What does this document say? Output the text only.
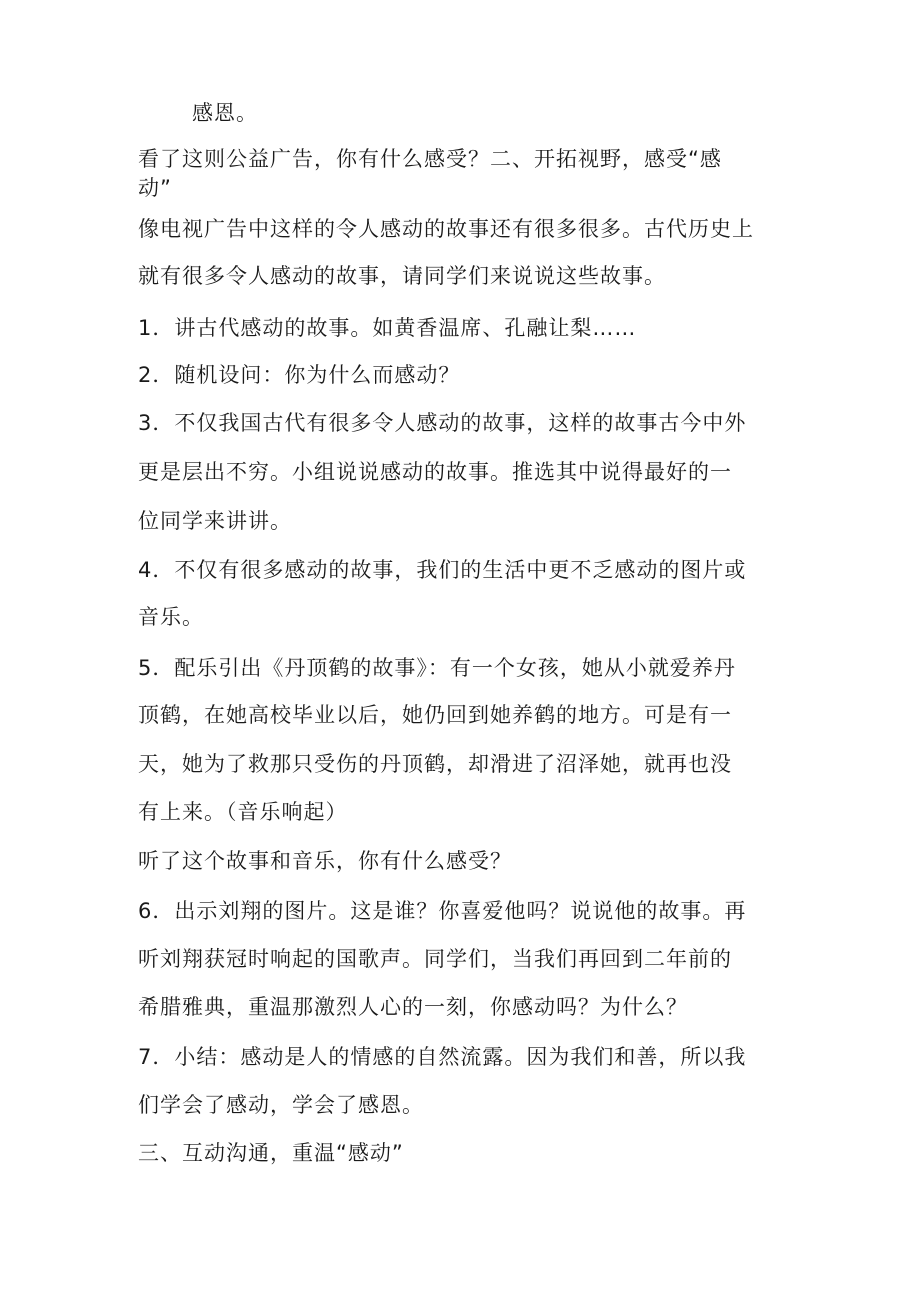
感恩。
看了这则公益广告，你有什么感受？二、开拓视野，感受“感
动”
像电视广告中这样的令人感动的故事还有很多很多。古代历史上
就有很多令人感动的故事，请同学们来说说这些故事。
1．讲古代感动的故事。如黄香温席、孔融让梨……
2．随机设问：你为什么而感动？
3．不仅我国古代有很多令人感动的故事，这样的故事古今中外
更是层出不穷。小组说说感动的故事。推选其中说得最好的一
位同学来讲讲。
4．不仅有很多感动的故事，我们的生活中更不乏感动的图片或
音乐。
5．配乐引出《丹顶鹤的故事》：有一个女孩，她从小就爱养丹
顶鹤，在她高校毕业以后，她仍回到她养鹤的地方。可是有一
天，她为了救那只受伤的丹顶鹤，却滑进了沼泽她，就再也没
有上来。（音乐响起）
听了这个故事和音乐，你有什么感受？
6．出示刘翔的图片。这是谁？你喜爱他吗？说说他的故事。再
听刘翔获冠时响起的国歌声。同学们，当我们再回到二年前的
希腊雅典，重温那激烈人心的一刻，你感动吗？为什么？
7．小结：感动是人的情感的自然流露。因为我们和善，所以我
们学会了感动，学会了感恩。
三、互动沟通，重温“感动”
